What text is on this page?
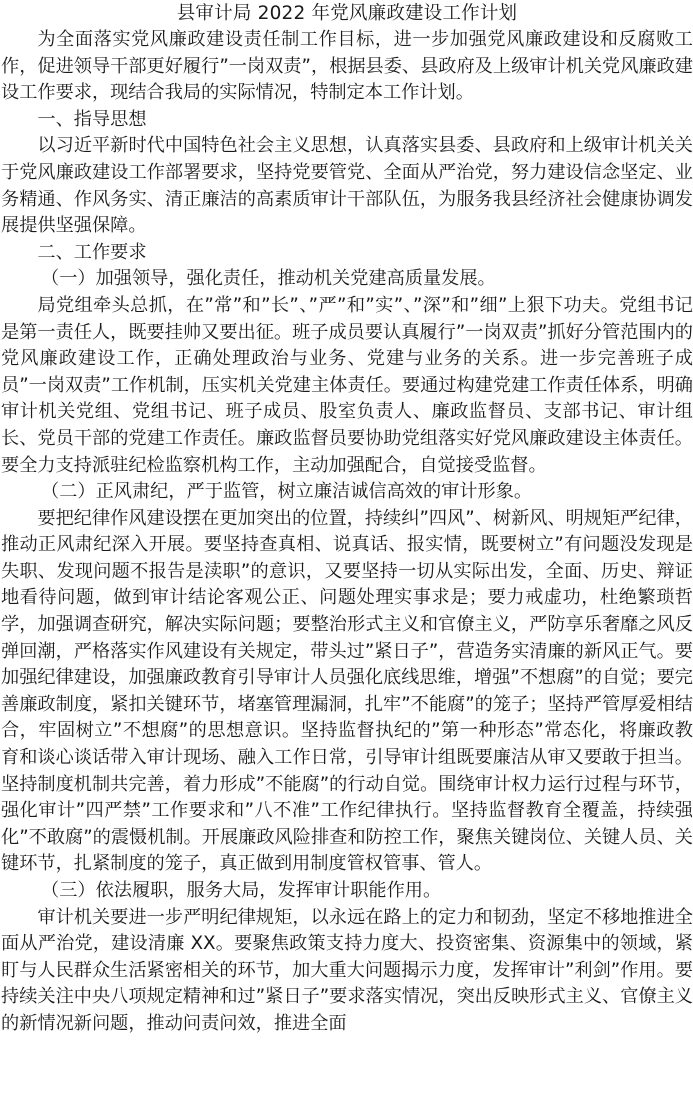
县审计局 2022 年党风廉政建设工作计划

为全面落实党风廉政建设责任制工作目标，进一步加强党风廉政建设和反腐败工作，促进领导干部更好履行”一岗双责”，根据县委、县政府及上级审计机关党风廉政建设工作要求，现结合我局的实际情况，特制定本工作计划。

一、指导思想

以习近平新时代中国特色社会主义思想，认真落实县委、县政府和上级审计机关关于党风廉政建设工作部署要求，坚持党要管党、全面从严治党，努力建设信念坚定、业务精通、作风务实、清正廉洁的高素质审计干部队伍，为服务我县经济社会健康协调发展提供坚强保障。

二、工作要求

（一）加强领导，强化责任，推动机关党建高质量发展。

局党组牵头总抓，在”常”和”长”、”严”和”实”、”深”和”细”上狠下功夫。党组书记是第一责任人，既要挂帅又要出征。班子成员要认真履行”一岗双责”抓好分管范围内的党风廉政建设工作，正确处理政治与业务、党建与业务的关系。进一步完善班子成员”一岗双责”工作机制，压实机关党建主体责任。要通过构建党建工作责任体系，明确审计机关党组、党组书记、班子成员、股室负责人、廉政监督员、支部书记、审计组长、党员干部的党建工作责任。廉政监督员要协助党组落实好党风廉政建设主体责任。要全力支持派驻纪检监察机构工作，主动加强配合，自觉接受监督。

（二）正风肃纪，严于监管，树立廉洁诚信高效的审计形象。

要把纪律作风建设摆在更加突出的位置，持续纠”四风”、树新风、明规矩严纪律，推动正风肃纪深入开展。要坚持查真相、说真话、报实情，既要树立”有问题没发现是失职、发现问题不报告是渎职”的意识，又要坚持一切从实际出发，全面、历史、辩证地看待问题，做到审计结论客观公正、问题处理实事求是；要力戒虚功，杜绝繁琐哲学，加强调查研究，解决实际问题；要整治形式主义和官僚主义，严防享乐奢靡之风反弹回潮，严格落实作风建设有关规定，带头过”紧日子”，营造务实清廉的新风正气。要加强纪律建设，加强廉政教育引导审计人员强化底线思维，增强”不想腐”的自觉；要完善廉政制度，紧扣关键环节，堵塞管理漏洞，扎牢”不能腐”的笼子；坚持严管厚爱相结合，牢固树立”不想腐”的思想意识。坚持监督执纪的”第一种形态”常态化，将廉政教育和谈心谈话带入审计现场、融入工作日常，引导审计组既要廉洁从审又要敢于担当。坚持制度机制共完善，着力形成”不能腐”的行动自觉。围绕审计权力运行过程与环节，强化审计”四严禁”工作要求和”八不准”工作纪律执行。坚持监督教育全覆盖，持续强化”不敢腐”的震慑机制。开展廉政风险排查和防控工作，聚焦关键岗位、关键人员、关键环节，扎紧制度的笼子，真正做到用制度管权管事、管人。

（三）依法履职，服务大局，发挥审计职能作用。

审计机关要进一步严明纪律规矩，以永远在路上的定力和韧劲，坚定不移地推进全面从严治党，建设清廉 XX。要聚焦政策支持力度大、投资密集、资源集中的领域，紧盯与人民群众生活紧密相关的环节，加大重大问题揭示力度，发挥审计”利剑”作用。要持续关注中央八项规定精神和过”紧日子”要求落实情况，突出反映形式主义、官僚主义的新情况新问题，推动问责问效，推进全面
